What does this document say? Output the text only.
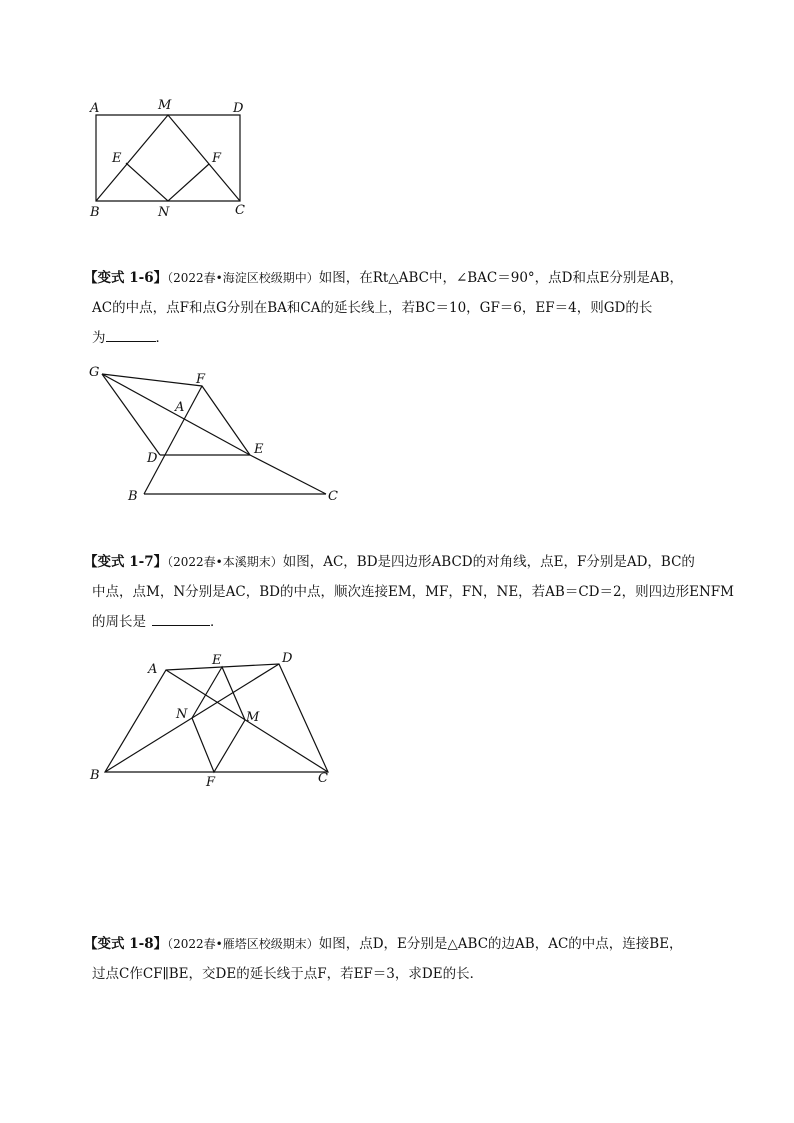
A	M	D
E	F
B	N	C
【变式 1-6】（2022春•海淀区校级期中）如图，在Rt△ABC中，∠BAC＝90°，点D和点E分别是AB，
AC的中点，点F和点G分别在BA和CA的延长线上，若BC＝10，GF＝6，EF＝4，则GD的长
为	．
G	F
A
D
E
B	C
【变式 1-7】（2022春•本溪期末）如图，AC，BD是四边形ABCD的对角线，点E，F分别是AD，BC的
中点，点M，N分别是AC，BD的中点，顺次连接EM，MF，FN，NE，若AB＝CD＝2，则四边形ENFM
的周长是	．
A
E	D
N	M
B	F	C
【变式 1-8】（2022春•雁塔区校级期末）如图，点D，E分别是△ABC的边AB，AC的中点，连接BE，
过点C作CF∥BE，交DE的延长线于点F，若EF＝3，求DE的长．
